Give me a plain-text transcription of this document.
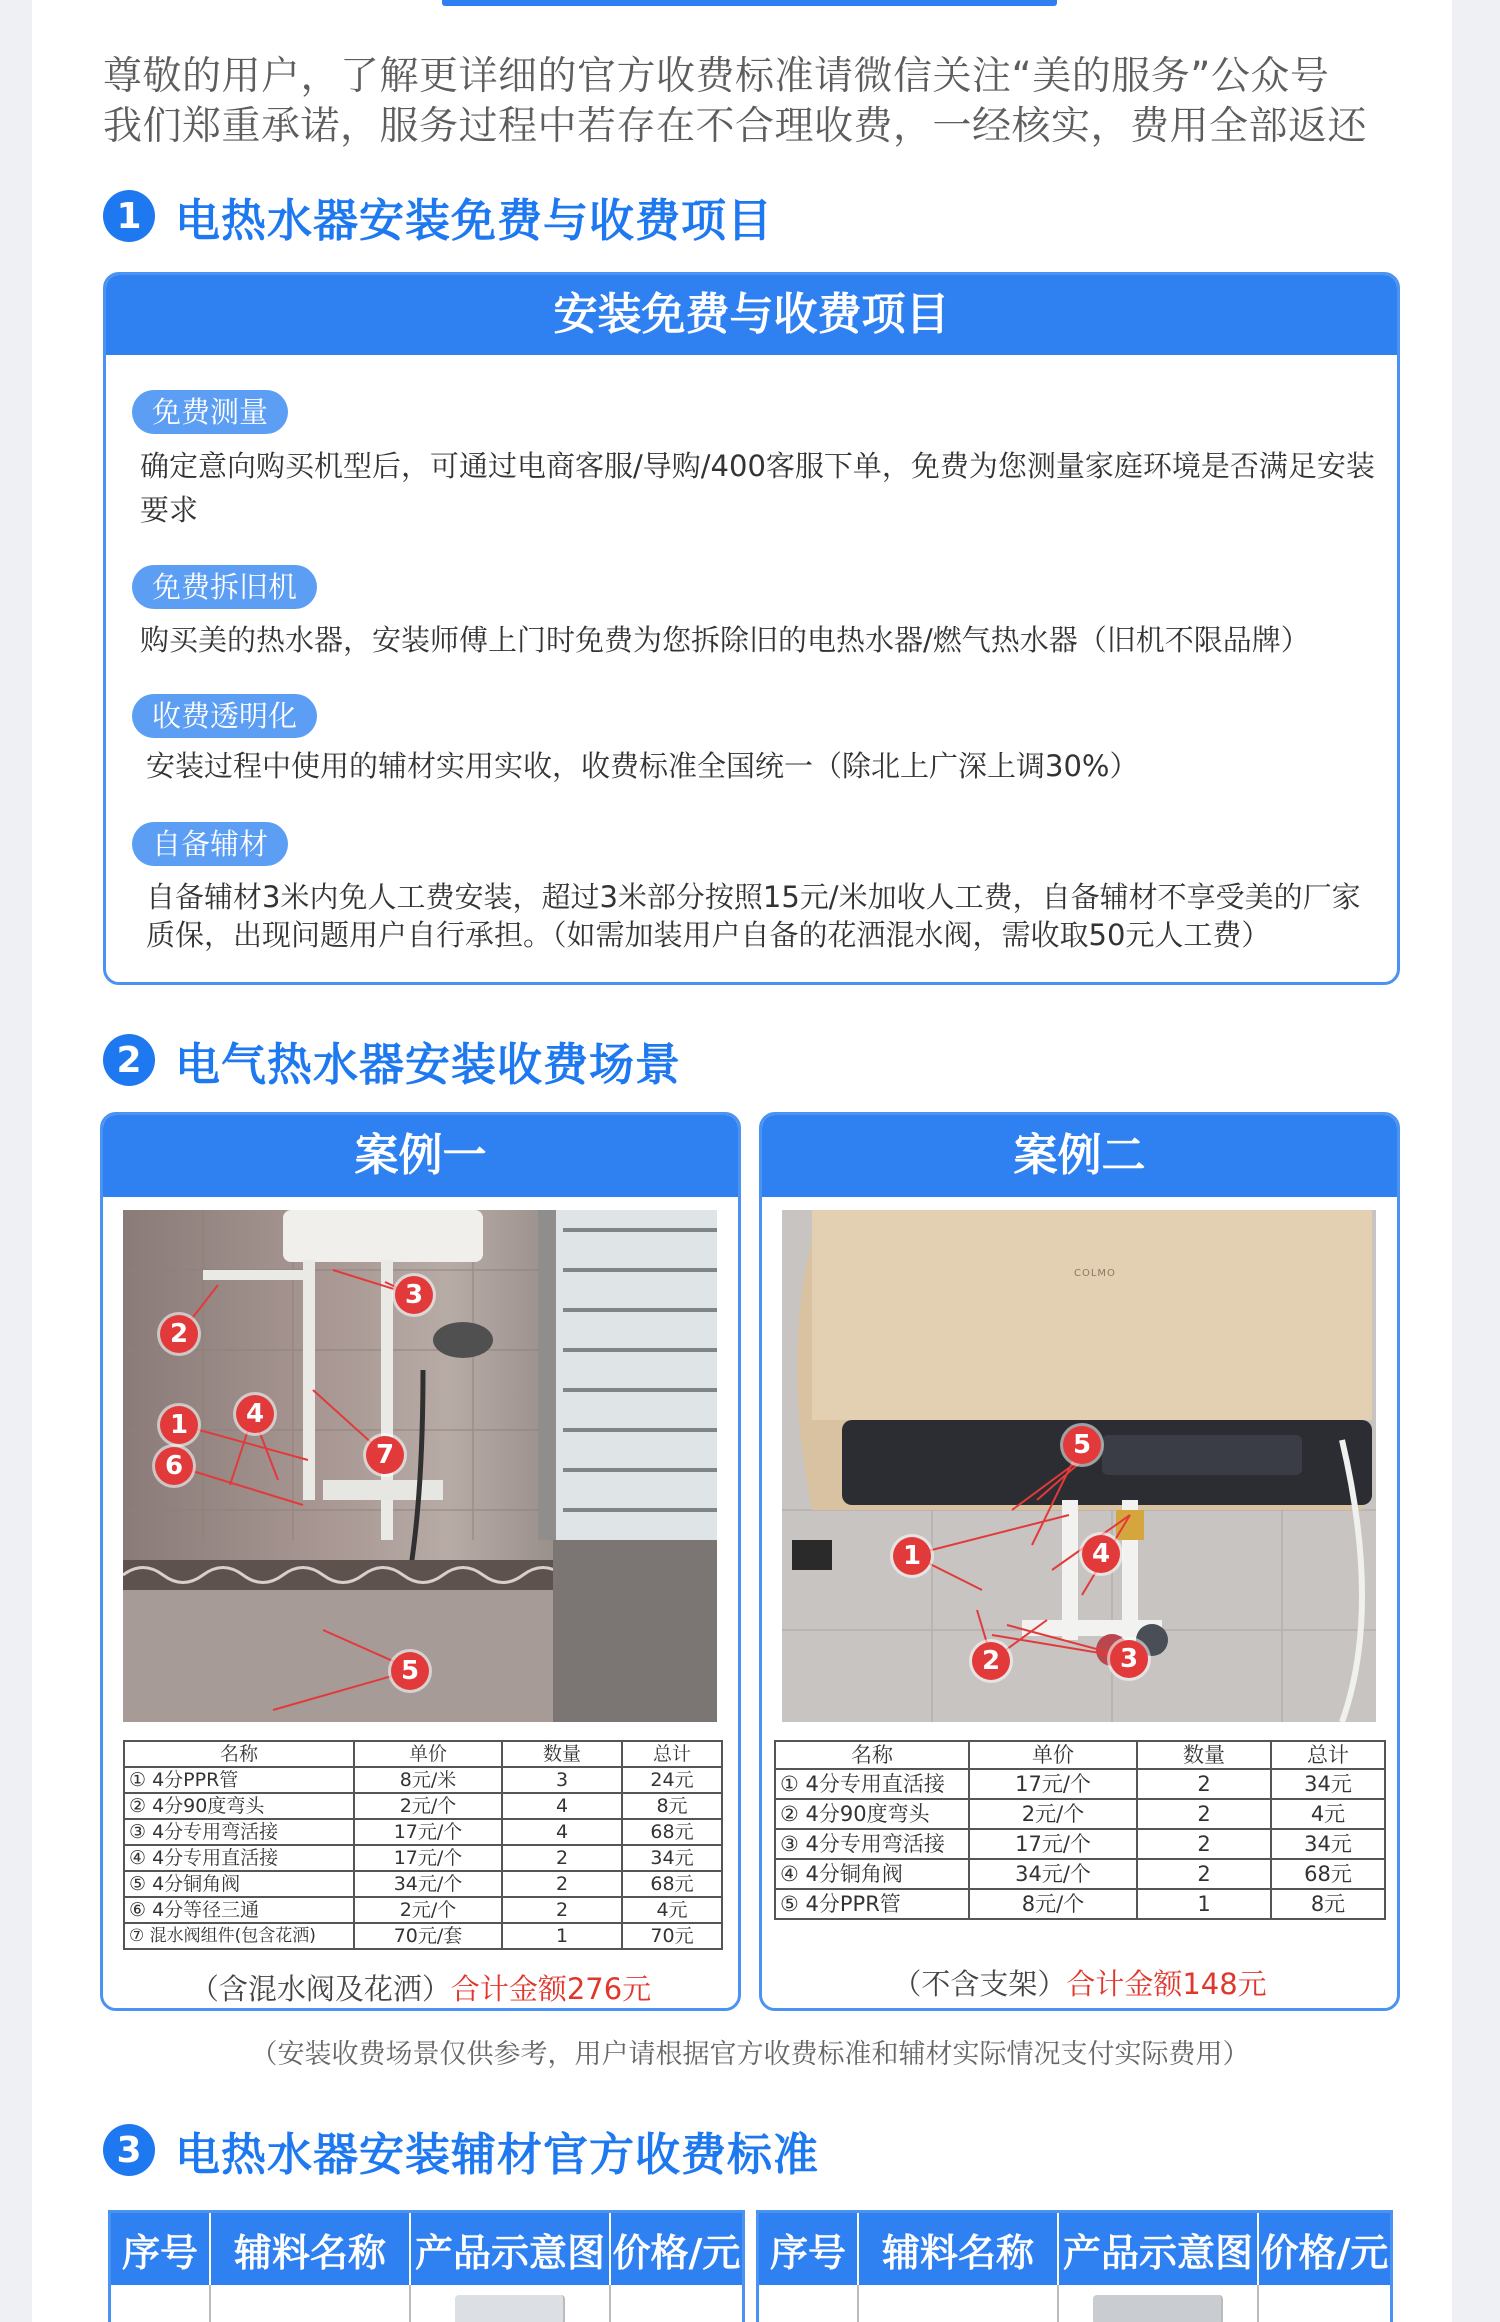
尊敬的用户，了解更详细的官方收费标准请微信关注“美的服务”公众号
我们郑重承诺，服务过程中若存在不合理收费，一经核实，费用全部返还
1 电热水器安装免费与收费项目
安装免费与收费项目
免费测量
确定意向购买机型后，可通过电商客服/导购/400客服下单，免费为您测量家庭环境是否满足安装要求
免费拆旧机
购买美的热水器，安装师傅上门时免费为您拆除旧的电热水器/燃气热水器（旧机不限品牌）
收费透明化
安装过程中使用的辅材实用实收，收费标准全国统一（除北上广深上调30%）
自备辅材
自备辅材3米内免人工费安装，超过3米部分按照15元/米加收人工费，自备辅材不享受美的厂家质保，出现问题用户自行承担。（如需加装用户自备的花洒混水阀，需收取50元人工费）
2 电气热水器安装收费场景
案例一
2
3
4
1
7
6
5
名称	单价	数量	总计
① 4分PPR管	8元/米	3	24元
② 4分90度弯头	2元/个	4	8元
③ 4分专用弯活接	17元/个	4	68元
④ 4分专用直活接	17元/个	2	34元
⑤ 4分铜角阀	34元/个	2	68元
⑥ 4分等径三通	2元/个	2	4元
⑦ 混水阀组件(包含花洒)	70元/套	1	70元
（含混水阀及花洒）合计金额276元
案例二
COLMO
5
1	4
3
2
名称	单价	数量	总计
① 4分专用直活接	17元/个	2	34元
② 4分90度弯头	2元/个	2	4元
③ 4分专用弯活接	17元/个	2	34元
④ 4分铜角阀	34元/个	2	68元
⑤ 4分PPR管	8元/个	1	8元
（不含支架）合计金额148元
（安装收费场景仅供参考，用户请根据官方收费标准和辅材实际情况支付实际费用）
3 电热水器安装辅材官方收费标准
序号 辅料名称 产品示意图 价格/元 序号 辅料名称 产品示意图 价格/元
